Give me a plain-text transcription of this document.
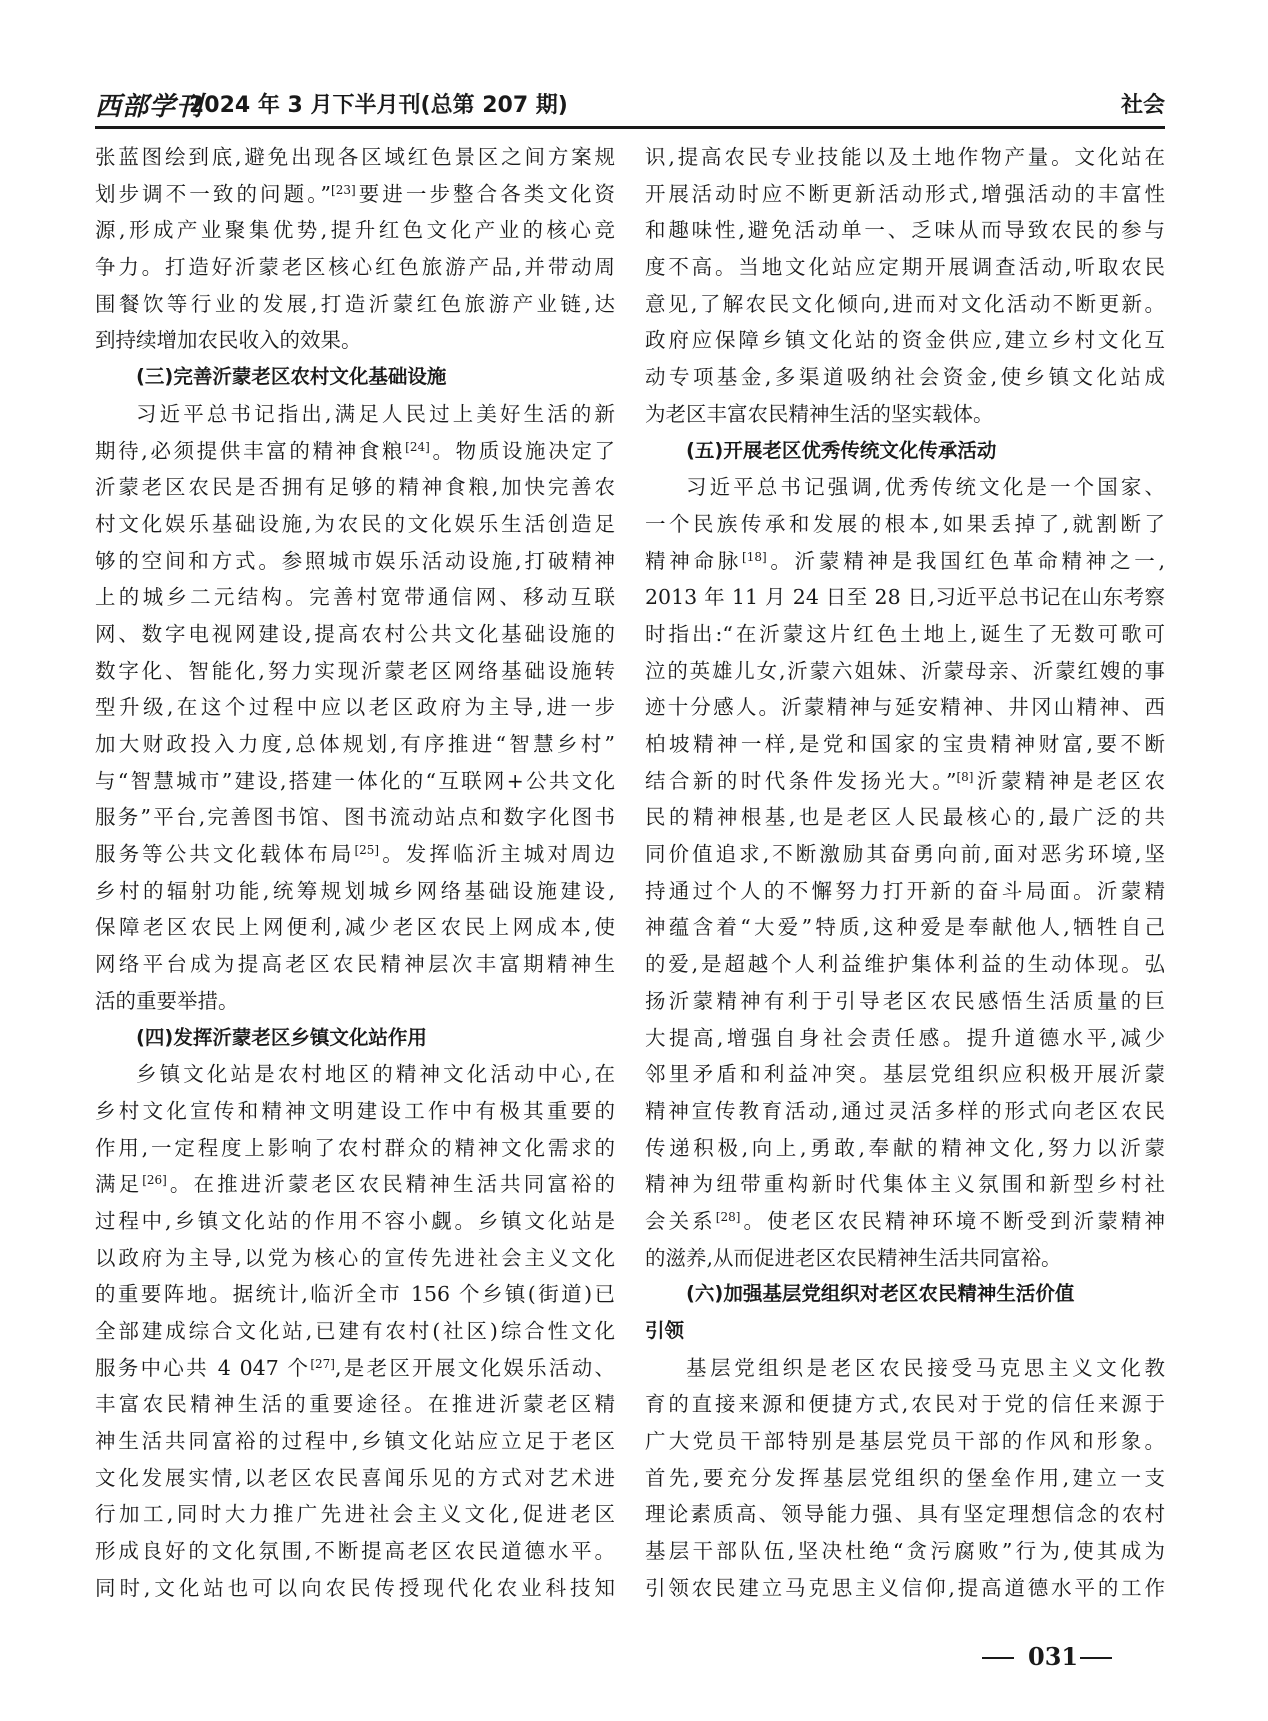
西部学刊
2024 年 3 月下半月刊(总第 207 期)	社会
张蓝图绘到底,避免出现各区域红色景区之间方案规
划步调不一致的问题。”[23]要进一步整合各类文化资
源,形成产业聚集优势,提升红色文化产业的核心竞
争力。打造好沂蒙老区核心红色旅游产品,并带动周
围餐饮等行业的发展,打造沂蒙红色旅游产业链,达
到持续增加农民收入的效果。
(三)完善沂蒙老区农村文化基础设施
习近平总书记指出,满足人民过上美好生活的新
期待,必须提供丰富的精神食粮[24]。物质设施决定了
沂蒙老区农民是否拥有足够的精神食粮,加快完善农
村文化娱乐基础设施,为农民的文化娱乐生活创造足
够的空间和方式。参照城市娱乐活动设施,打破精神
上的城乡二元结构。完善村宽带通信网、移动互联
网、数字电视网建设,提高农村公共文化基础设施的
数字化、智能化,努力实现沂蒙老区网络基础设施转
型升级,在这个过程中应以老区政府为主导,进一步
加大财政投入力度,总体规划,有序推进“智慧乡村”
与“智慧城市”建设,搭建一体化的“互联网+公共文化
服务”平台,完善图书馆、图书流动站点和数字化图书
服务等公共文化载体布局[25]。发挥临沂主城对周边
乡村的辐射功能,统筹规划城乡网络基础设施建设,
保障老区农民上网便利,减少老区农民上网成本,使
网络平台成为提高老区农民精神层次丰富期精神生
活的重要举措。
(四)发挥沂蒙老区乡镇文化站作用
乡镇文化站是农村地区的精神文化活动中心,在
乡村文化宣传和精神文明建设工作中有极其重要的
作用,一定程度上影响了农村群众的精神文化需求的
满足[26]。在推进沂蒙老区农民精神生活共同富裕的
过程中,乡镇文化站的作用不容小觑。乡镇文化站是
以政府为主导,以党为核心的宣传先进社会主义文化
的重要阵地。据统计,临沂全市 156 个乡镇(街道)已
全部建成综合文化站,已建有农村(社区)综合性文化
服务中心共 4 047 个[27],是老区开展文化娱乐活动、
丰富农民精神生活的重要途径。在推进沂蒙老区精
神生活共同富裕的过程中,乡镇文化站应立足于老区
文化发展实情,以老区农民喜闻乐见的方式对艺术进
行加工,同时大力推广先进社会主义文化,促进老区
形成良好的文化氛围,不断提高老区农民道德水平。
同时,文化站也可以向农民传授现代化农业科技知
识,提高农民专业技能以及土地作物产量。文化站在
开展活动时应不断更新活动形式,增强活动的丰富性
和趣味性,避免活动单一、乏味从而导致农民的参与
度不高。当地文化站应定期开展调查活动,听取农民
意见,了解农民文化倾向,进而对文化活动不断更新。
政府应保障乡镇文化站的资金供应,建立乡村文化互
动专项基金,多渠道吸纳社会资金,使乡镇文化站成
为老区丰富农民精神生活的坚实载体。
(五)开展老区优秀传统文化传承活动
习近平总书记强调,优秀传统文化是一个国家、
一个民族传承和发展的根本,如果丢掉了,就割断了
精神命脉[18]。沂蒙精神是我国红色革命精神之一,
2013 年 11 月 24 日至 28 日,习近平总书记在山东考察
时指出:“在沂蒙这片红色土地上,诞生了无数可歌可
泣的英雄儿女,沂蒙六姐妹、沂蒙母亲、沂蒙红嫂的事
迹十分感人。沂蒙精神与延安精神、井冈山精神、西
柏坡精神一样,是党和国家的宝贵精神财富,要不断
结合新的时代条件发扬光大。”[8]沂蒙精神是老区农
民的精神根基,也是老区人民最核心的,最广泛的共
同价值追求,不断激励其奋勇向前,面对恶劣环境,坚
持通过个人的不懈努力打开新的奋斗局面。沂蒙精
神蕴含着“大爱”特质,这种爱是奉献他人,牺牲自己
的爱,是超越个人利益维护集体利益的生动体现。弘
扬沂蒙精神有利于引导老区农民感悟生活质量的巨
大提高,增强自身社会责任感。提升道德水平,减少
邻里矛盾和利益冲突。基层党组织应积极开展沂蒙
精神宣传教育活动,通过灵活多样的形式向老区农民
传递积极,向上,勇敢,奉献的精神文化,努力以沂蒙
精神为纽带重构新时代集体主义氛围和新型乡村社
会关系[28]。使老区农民精神环境不断受到沂蒙精神
的滋养,从而促进老区农民精神生活共同富裕。
(六)加强基层党组织对老区农民精神生活价值
引领
基层党组织是老区农民接受马克思主义文化教
育的直接来源和便捷方式,农民对于党的信任来源于
广大党员干部特别是基层党员干部的作风和形象。
首先,要充分发挥基层党组织的堡垒作用,建立一支
理论素质高、领导能力强、具有坚定理想信念的农村
基层干部队伍,坚决杜绝“贪污腐败”行为,使其成为
引领农民建立马克思主义信仰,提高道德水平的工作
031
